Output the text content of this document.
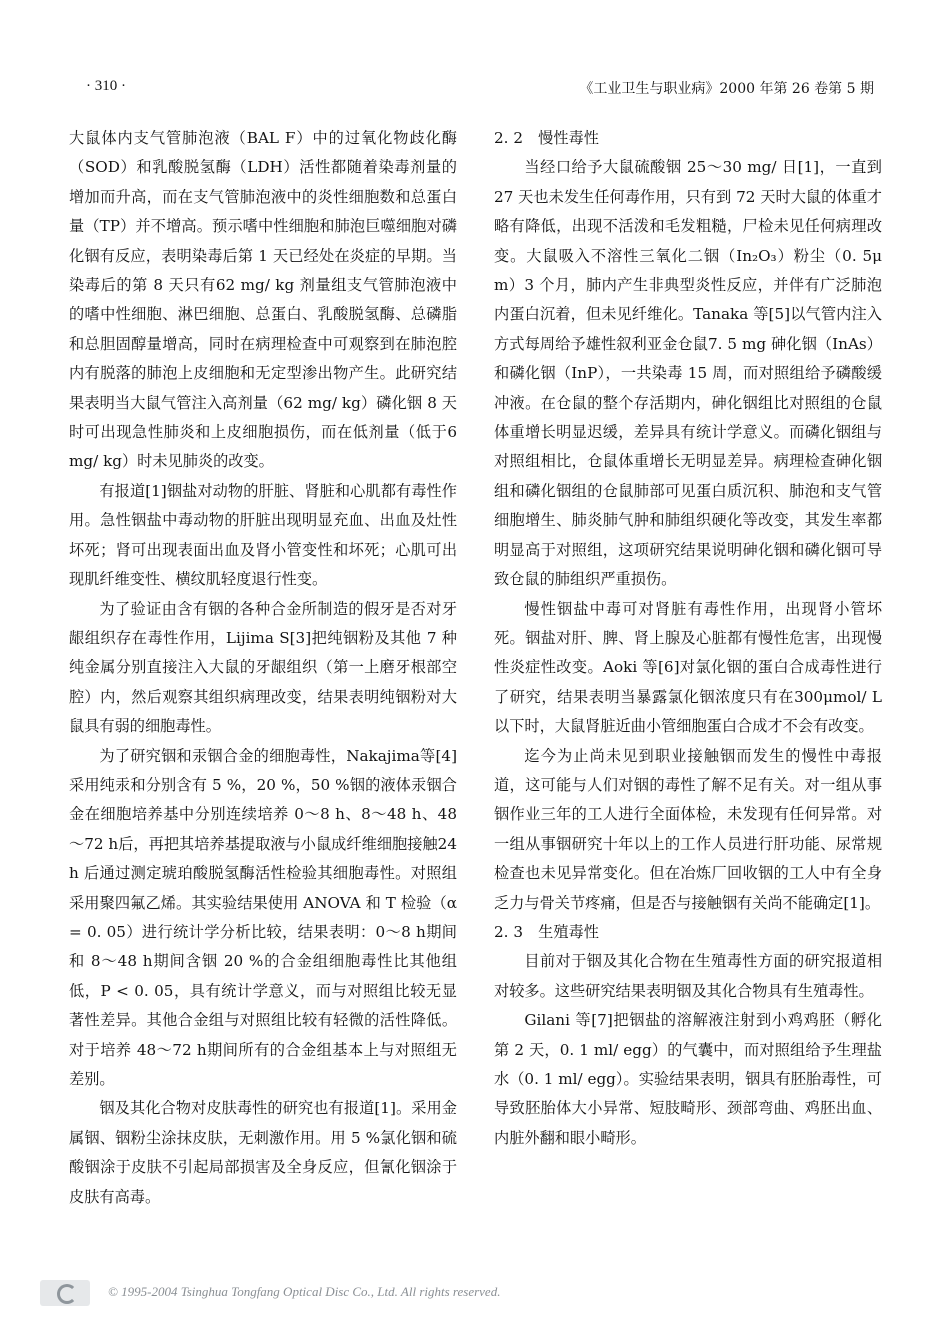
· 310 ·	《工业卫生与职业病》2000 年第 26 卷第 5 期

大鼠体内支气管肺泡液（BAL F）中的过氧化物歧化酶（SOD）和乳酸脱氢酶（LDH）活性都随着染毒剂量的增加而升高，而在支气管肺泡液中的炎性细胞数和总蛋白量（TP）并不增高。预示嗜中性细胞和肺泡巨噬细胞对磷化铟有反应，表明染毒后第 1 天已经处在炎症的早期。当染毒后的第 8 天只有62 mg/ kg 剂量组支气管肺泡液中的嗜中性细胞、淋巴细胞、总蛋白、乳酸脱氢酶、总磷脂和总胆固醇量增高，同时在病理检查中可观察到在肺泡腔内有脱落的肺泡上皮细胞和无定型渗出物产生。此研究结果表明当大鼠气管注入高剂量（62 mg/ kg）磷化铟 8 天时可出现急性肺炎和上皮细胞损伤，而在低剂量（低于6 mg/ kg）时未见肺炎的改变。

有报道[1]铟盐对动物的肝脏、肾脏和心肌都有毒性作用。急性铟盐中毒动物的肝脏出现明显充血、出血及灶性坏死；肾可出现表面出血及肾小管变性和坏死；心肌可出现肌纤维变性、横纹肌轻度退行性变。

为了验证由含有铟的各种合金所制造的假牙是否对牙龈组织存在毒性作用，Lijima S[3]把纯铟粉及其他 7 种纯金属分别直接注入大鼠的牙龈组织（第一上磨牙根部空腔）内，然后观察其组织病理改变，结果表明纯铟粉对大鼠具有弱的细胞毒性。

为了研究铟和汞铟合金的细胞毒性，Nakajima等[4]采用纯汞和分别含有 5 %，20 %，50 %铟的液体汞铟合金在细胞培养基中分别连续培养 0～8 h、8～48 h、48～72 h后，再把其培养基提取液与小鼠成纤维细胞接触24 h 后通过测定琥珀酸脱氢酶活性检验其细胞毒性。对照组采用聚四氟乙烯。其实验结果使用 ANOVA 和 T 检验（α = 0. 05）进行统计学分析比较，结果表明：0～8 h期间和 8～48 h期间含铟 20 %的合金组细胞毒性比其他组低，P < 0. 05，具有统计学意义，而与对照组比较无显著性差异。其他合金组与对照组比较有轻微的活性降低。对于培养 48～72 h期间所有的合金组基本上与对照组无差别。

铟及其化合物对皮肤毒性的研究也有报道[1]。采用金属铟、铟粉尘涂抹皮肤，无刺激作用。用 5 %氯化铟和硫酸铟涂于皮肤不引起局部损害及全身反应，但氰化铟涂于皮肤有高毒。

2. 2　慢性毒性

当经口给予大鼠硫酸铟 25～30 mg/ 日[1]，一直到 27 天也未发生任何毒作用，只有到 72 天时大鼠的体重才略有降低，出现不活泼和毛发粗糙，尸检未见任何病理改变。大鼠吸入不溶性三氧化二铟（In₂O₃）粉尘（0. 5μm）3 个月，肺内产生非典型炎性反应，并伴有广泛肺泡内蛋白沉着，但未见纤维化。Tanaka 等[5]以气管内注入方式每周给予雄性叙利亚金仓鼠7. 5 mg 砷化铟（InAs）和磷化铟（InP），一共染毒 15 周，而对照组给予磷酸缓冲液。在仓鼠的整个存活期内，砷化铟组比对照组的仓鼠体重增长明显迟缓，差异具有统计学意义。而磷化铟组与对照组相比，仓鼠体重增长无明显差异。病理检查砷化铟组和磷化铟组的仓鼠肺部可见蛋白质沉积、肺泡和支气管细胞增生、肺炎肺气肿和肺组织硬化等改变，其发生率都明显高于对照组，这项研究结果说明砷化铟和磷化铟可导致仓鼠的肺组织严重损伤。

慢性铟盐中毒可对肾脏有毒性作用，出现肾小管坏死。铟盐对肝、脾、肾上腺及心脏都有慢性危害，出现慢性炎症性改变。Aoki 等[6]对氯化铟的蛋白合成毒性进行了研究，结果表明当暴露氯化铟浓度只有在300μmol/ L以下时，大鼠肾脏近曲小管细胞蛋白合成才不会有改变。

迄今为止尚未见到职业接触铟而发生的慢性中毒报道，这可能与人们对铟的毒性了解不足有关。对一组从事铟作业三年的工人进行全面体检，未发现有任何异常。对一组从事铟研究十年以上的工作人员进行肝功能、尿常规检查也未见异常变化。但在冶炼厂回收铟的工人中有全身乏力与骨关节疼痛，但是否与接触铟有关尚不能确定[1]。

2. 3　生殖毒性

目前对于铟及其化合物在生殖毒性方面的研究报道相对较多。这些研究结果表明铟及其化合物具有生殖毒性。

Gilani 等[7]把铟盐的溶解液注射到小鸡鸡胚（孵化第 2 天，0. 1 ml/ egg）的气囊中，而对照组给予生理盐水（0. 1 ml/ egg）。实验结果表明，铟具有胚胎毒性，可导致胚胎体大小异常、短肢畸形、颈部弯曲、鸡胚出血、内脏外翻和眼小畸形。

© 1995-2004 Tsinghua Tongfang Optical Disc Co., Ltd. All rights reserved.
